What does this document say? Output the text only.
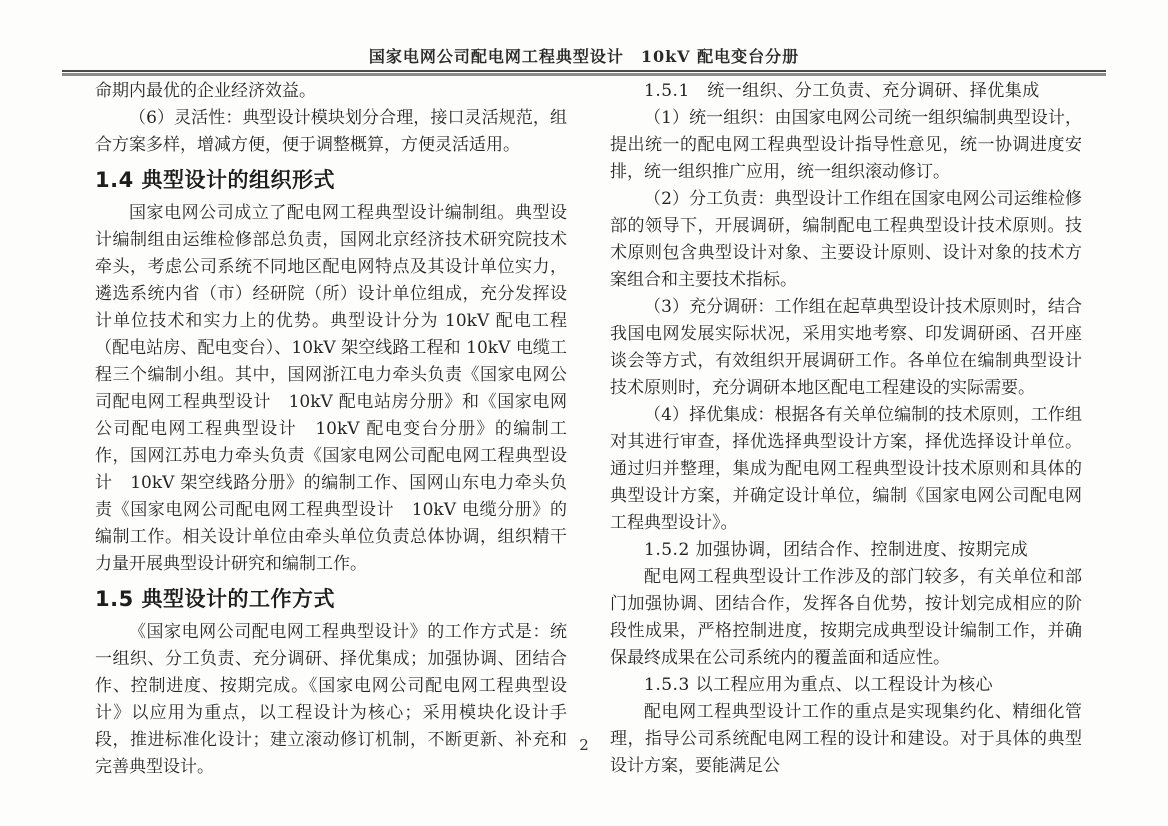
国家电网公司配电网工程典型设计　10kV 配电变台分册

命期内最优的企业经济效益。

（6）灵活性：典型设计模块划分合理，接口灵活规范，组合方案多样，增减方便，便于调整概算，方便灵活适用。

1.4 典型设计的组织形式

国家电网公司成立了配电网工程典型设计编制组。典型设计编制组由运维检修部总负责，国网北京经济技术研究院技术牵头，考虑公司系统不同地区配电网特点及其设计单位实力，遴选系统内省（市）经研院（所）设计单位组成，充分发挥设计单位技术和实力上的优势。典型设计分为 10kV 配电工程（配电站房、配电变台）、10kV 架空线路工程和 10kV 电缆工程三个编制小组。其中，国网浙江电力牵头负责《国家电网公司配电网工程典型设计　10kV 配电站房分册》和《国家电网公司配电网工程典型设计　10kV 配电变台分册》的编制工作，国网江苏电力牵头负责《国家电网公司配电网工程典型设计　10kV 架空线路分册》的编制工作、国网山东电力牵头负责《国家电网公司配电网工程典型设计　10kV 电缆分册》的编制工作。相关设计单位由牵头单位负责总体协调，组织精干力量开展典型设计研究和编制工作。

1.5 典型设计的工作方式

《国家电网公司配电网工程典型设计》的工作方式是：统一组织、分工负责、充分调研、择优集成；加强协调、团结合作、控制进度、按期完成。《国家电网公司配电网工程典型设计》以应用为重点，以工程设计为核心；采用模块化设计手段，推进标准化设计；建立滚动修订机制，不断更新、补充和完善典型设计。

1.5.1　统一组织、分工负责、充分调研、择优集成

（1）统一组织：由国家电网公司统一组织编制典型设计，提出统一的配电网工程典型设计指导性意见，统一协调进度安排，统一组织推广应用，统一组织滚动修订。

（2）分工负责：典型设计工作组在国家电网公司运维检修部的领导下，开展调研，编制配电工程典型设计技术原则。技术原则包含典型设计对象、主要设计原则、设计对象的技术方案组合和主要技术指标。

（3）充分调研：工作组在起草典型设计技术原则时，结合我国电网发展实际状况，采用实地考察、印发调研函、召开座谈会等方式，有效组织开展调研工作。各单位在编制典型设计技术原则时，充分调研本地区配电工程建设的实际需要。

（4）择优集成：根据各有关单位编制的技术原则，工作组对其进行审查，择优选择典型设计方案，择优选择设计单位。通过归并整理，集成为配电网工程典型设计技术原则和具体的典型设计方案，并确定设计单位，编制《国家电网公司配电网工程典型设计》。

1.5.2 加强协调，团结合作、控制进度、按期完成

配电网工程典型设计工作涉及的部门较多，有关单位和部门加强协调、团结合作，发挥各自优势，按计划完成相应的阶段性成果，严格控制进度，按期完成典型设计编制工作，并确保最终成果在公司系统内的覆盖面和适应性。

1.5.3 以工程应用为重点、以工程设计为核心

配电网工程典型设计工作的重点是实现集约化、精细化管理，指导公司系统配电网工程的设计和建设。对于具体的典型设计方案，要能满足公

2
